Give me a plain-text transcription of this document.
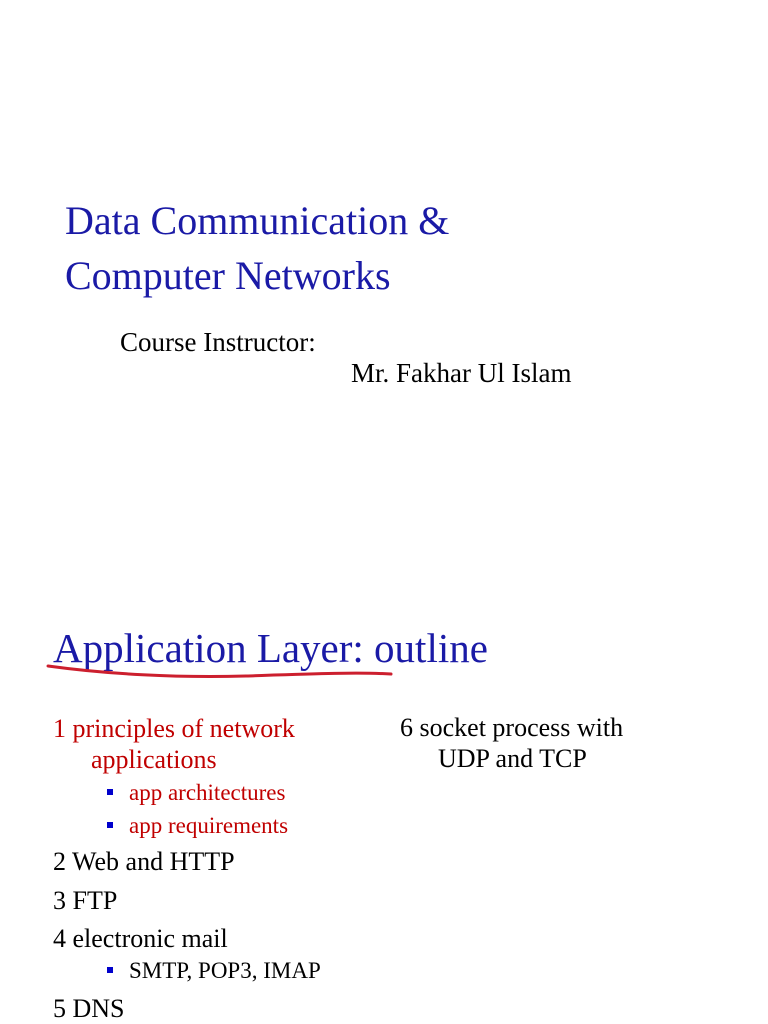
Data Communication &
Computer Networks
Course Instructor:
Mr. Fakhar Ul Islam
Application Layer: outline
1 principles of network
applications
app architectures
app requirements
2 Web and HTTP
3 FTP
4 electronic mail
SMTP, POP3, IMAP
5 DNS
6 socket process with
UDP and TCP
